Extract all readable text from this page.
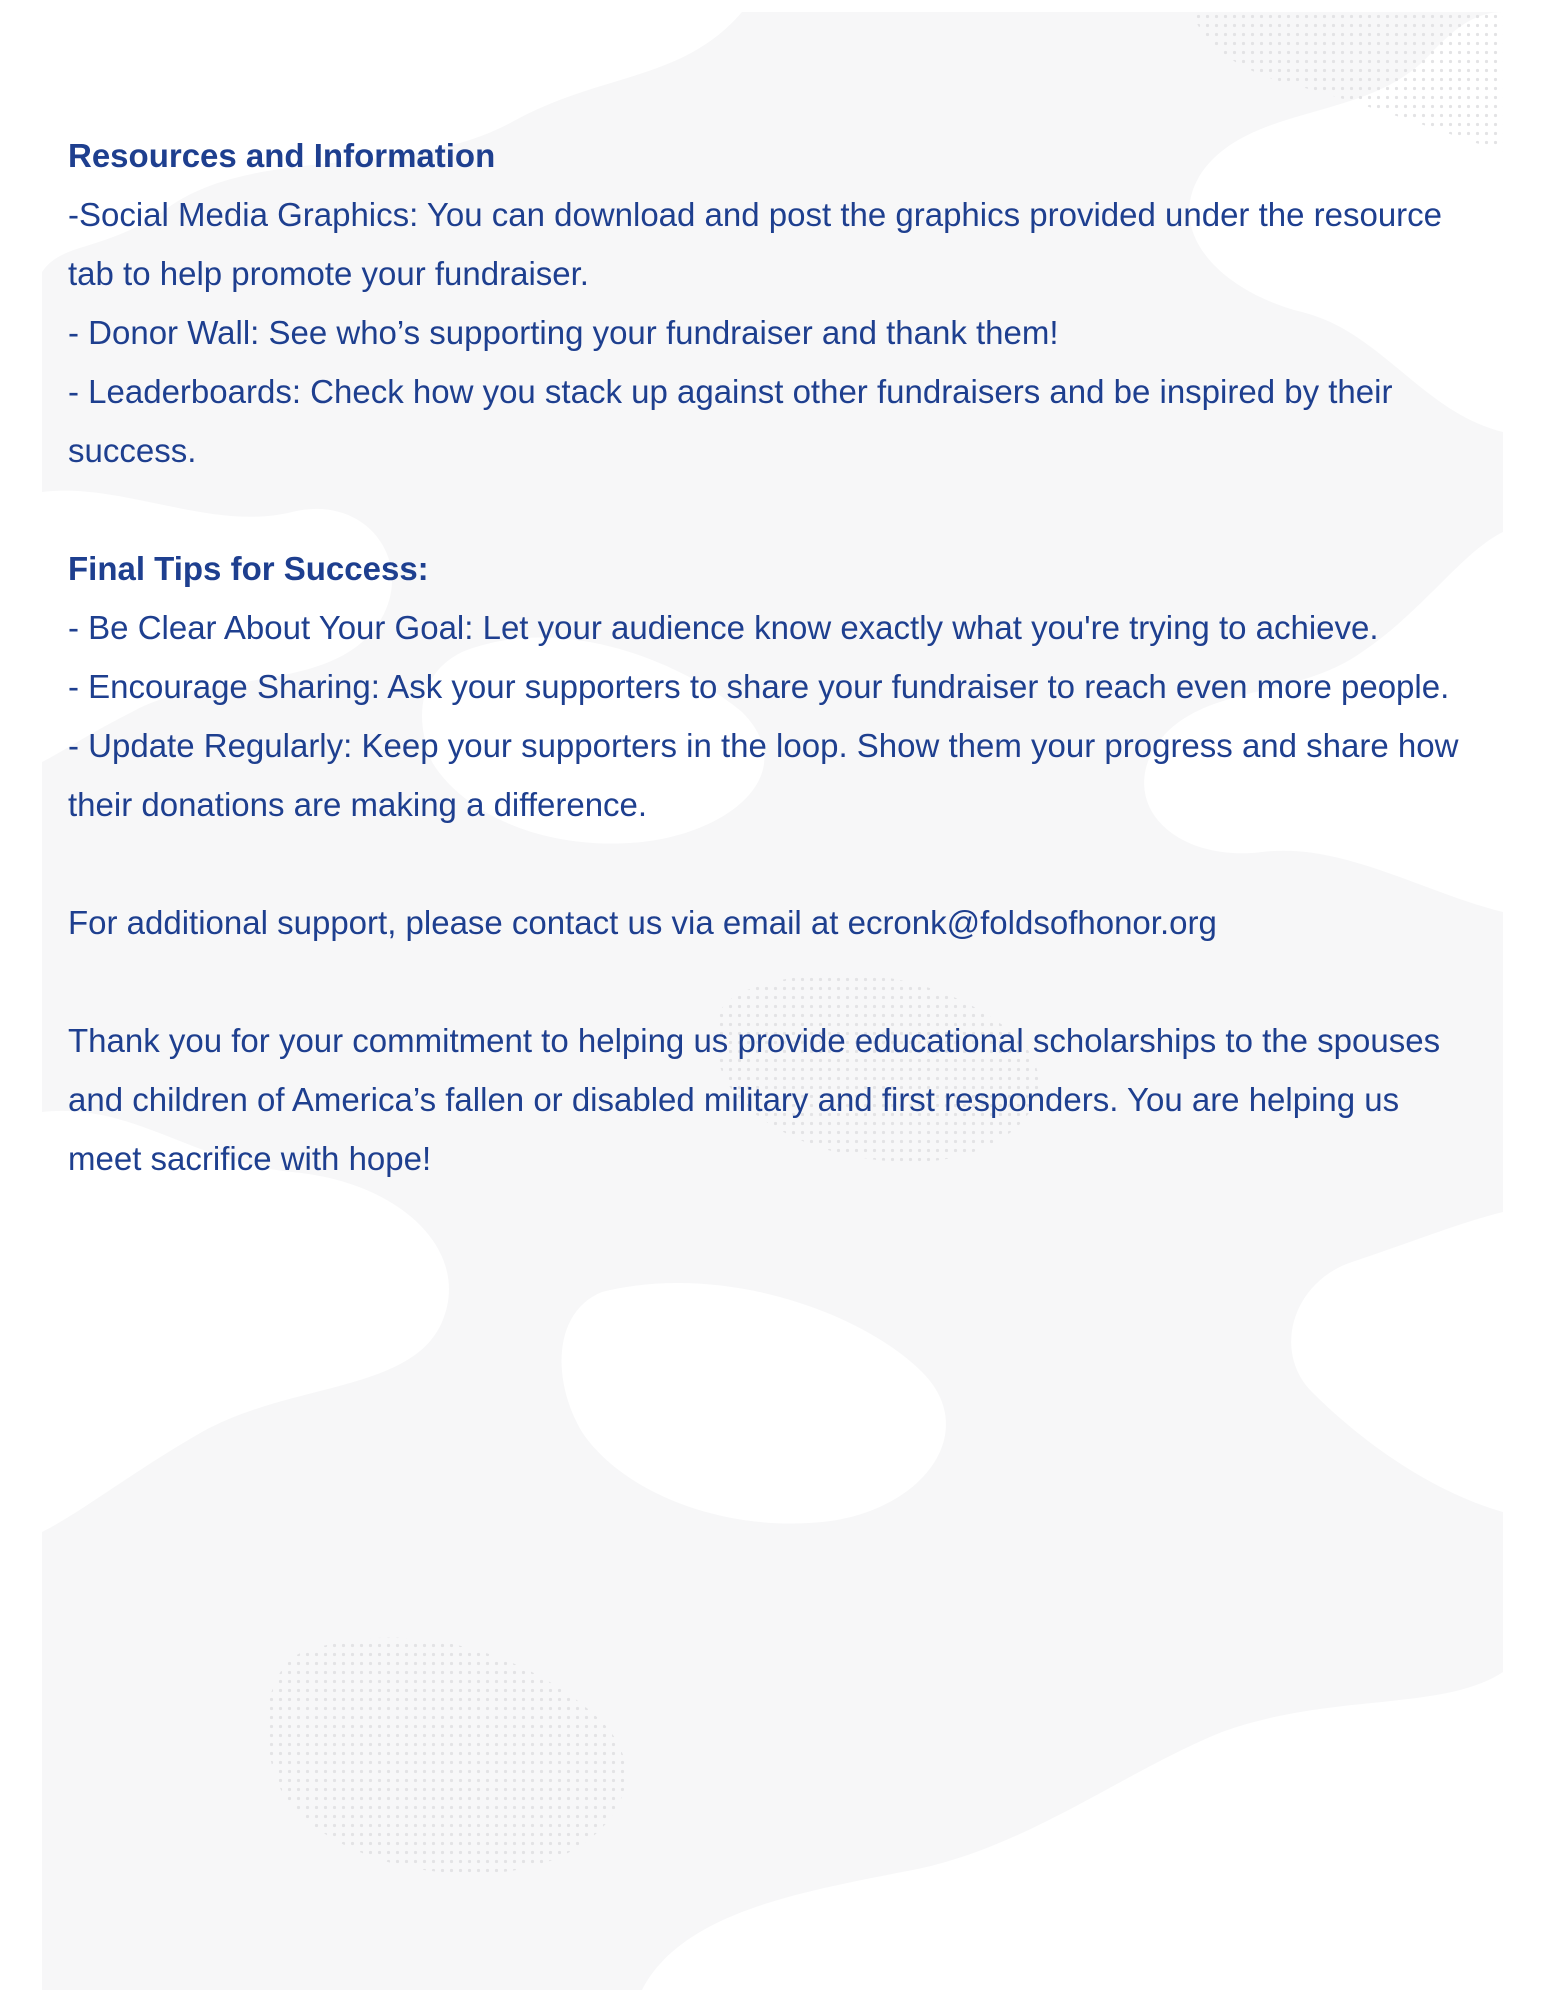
Resources and Information
-Social Media Graphics: You can download and post the graphics provided under the resource tab to help promote your fundraiser.
- Donor Wall: See who’s supporting your fundraiser and thank them!
- Leaderboards: Check how you stack up against other fundraisers and be inspired by their success.
Final Tips for Success:
- Be Clear About Your Goal: Let your audience know exactly what you're trying to achieve.
- Encourage Sharing: Ask your supporters to share your fundraiser to reach even more people.
- Update Regularly: Keep your supporters in the loop. Show them your progress and share how their donations are making a difference.
For additional support, please contact us via email at ecronk@foldsofhonor.org
Thank you for your commitment to helping us provide educational scholarships to the spouses and children of America’s fallen or disabled military and first responders. You are helping us meet sacrifice with hope!
